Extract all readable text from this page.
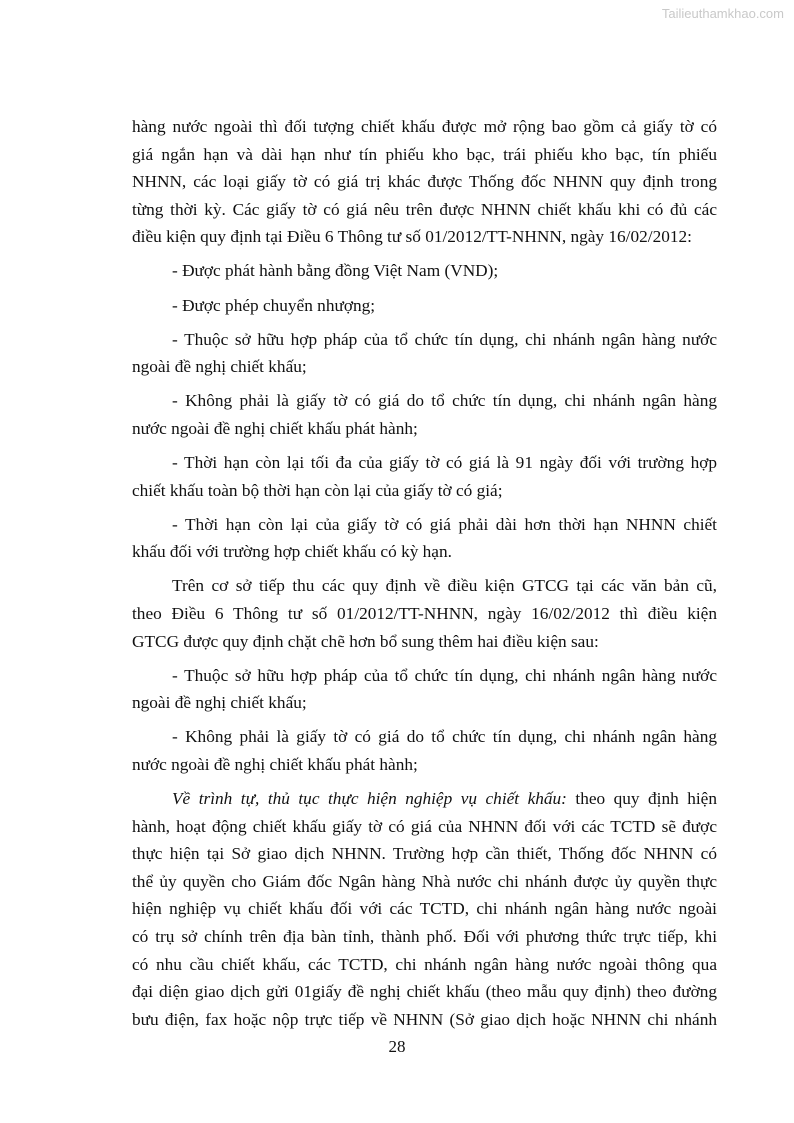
Tailieuthamkhao.com
hàng nước ngoài thì đối tượng chiết khấu được mở rộng bao gồm cả giấy tờ có
giá ngắn hạn và dài hạn như tín phiếu kho bạc, trái phiếu kho bạc, tín phiếu
NHNN, các loại giấy tờ có giá trị khác được Thống đốc NHNN quy định trong
từng thời kỳ. Các giấy tờ có giá nêu trên được NHNN chiết khấu khi có đủ các
điều kiện quy định tại Điều 6 Thông tư số 01/2012/TT-NHNN, ngày 16/02/2012:
- Được phát hành bằng đồng Việt Nam (VND);
- Được phép chuyển nhượng;
- Thuộc sở hữu hợp pháp của tổ chức tín dụng, chi nhánh ngân hàng nước
ngoài đề nghị chiết khấu;
- Không phải là giấy tờ có giá do tổ chức tín dụng, chi nhánh ngân hàng
nước ngoài đề nghị chiết khấu phát hành;
- Thời hạn còn lại tối đa của giấy tờ có giá là 91 ngày đối với trường hợp
chiết khấu toàn bộ thời hạn còn lại của giấy tờ có giá;
- Thời hạn còn lại của giấy tờ có giá phải dài hơn thời hạn NHNN chiết
khấu đối với trường hợp chiết khấu có kỳ hạn.
Trên cơ sở tiếp thu các quy định về điều kiện GTCG tại các văn bản cũ,
theo Điều 6 Thông tư số 01/2012/TT-NHNN, ngày 16/02/2012 thì điều kiện
GTCG được quy định chặt chẽ hơn bổ sung thêm hai điều kiện sau:
- Thuộc sở hữu hợp pháp của tổ chức tín dụng, chi nhánh ngân hàng nước
ngoài đề nghị chiết khấu;
- Không phải là giấy tờ có giá do tổ chức tín dụng, chi nhánh ngân hàng
nước ngoài đề nghị chiết khấu phát hành;
Về trình tự, thủ tục thực hiện nghiệp vụ chiết khấu: theo quy định hiện
hành, hoạt động chiết khấu giấy tờ có giá của NHNN đối với các TCTD sẽ được
thực hiện tại Sở giao dịch NHNN. Trường hợp cần thiết, Thống đốc NHNN có
thể ủy quyền cho Giám đốc Ngân hàng Nhà nước chi nhánh được ủy quyền thực
hiện nghiệp vụ chiết khấu đối với các TCTD, chi nhánh ngân hàng nước ngoài
có trụ sở chính trên địa bàn tỉnh, thành phố. Đối với phương thức trực tiếp, khi
có nhu cầu chiết khấu, các TCTD, chi nhánh ngân hàng nước ngoài thông qua
đại diện giao dịch gửi 01giấy đề nghị chiết khấu (theo mẫu quy định) theo đường
bưu điện, fax hoặc nộp trực tiếp về NHNN (Sở giao dịch hoặc NHNN chi nhánh
28
